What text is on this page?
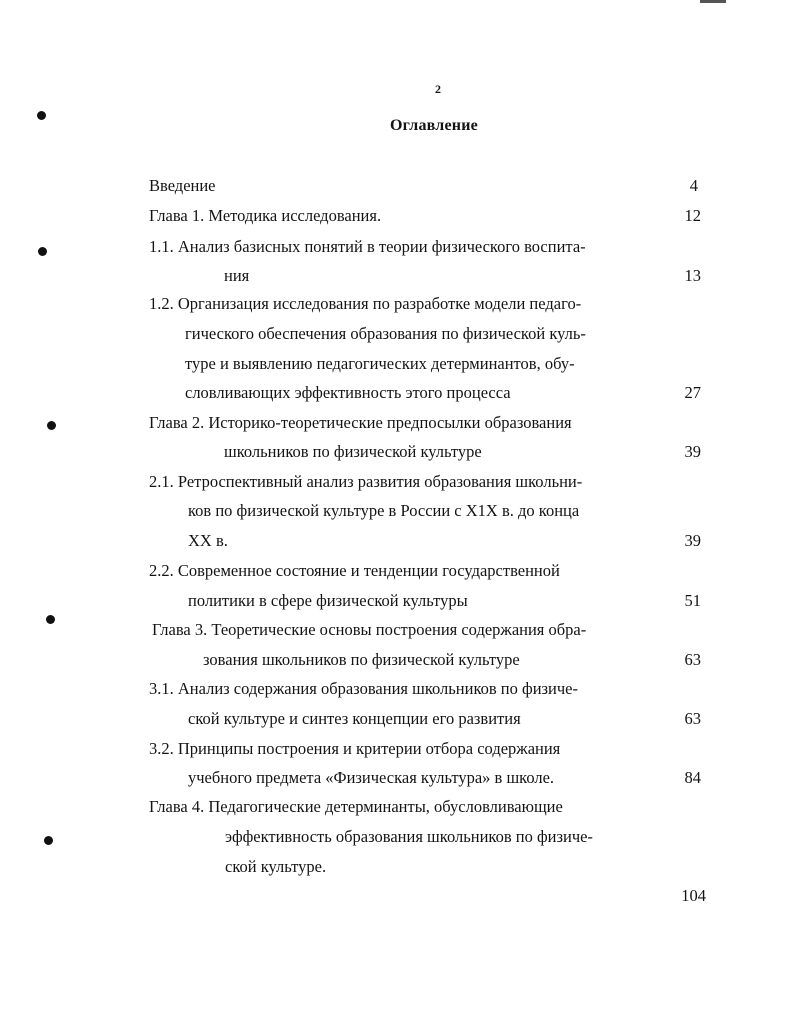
2
Оглавление
Введение	4
Глава 1. Методика исследования.	12
1.1. Анализ базисных понятий в теории физического воспита-
ния	13
1.2. Организация исследования по разработке модели педаго-
гического обеспечения образования по физической куль-
туре и выявлению педагогических детерминантов, обу-
словливающих эффективность этого процесса	27
Глава 2. Историко-теоретические предпосылки образования
школьников по физической культуре	39
2.1. Ретроспективный анализ развития образования школьни-
ков по физической культуре в России с Х1Х в. до конца
ХХ в.	39
2.2. Современное состояние и тенденции государственной
политики в сфере физической культуры	51
Глава 3. Теоретические основы построения содержания обра-
зования школьников по физической культуре	63
3.1. Анализ содержания образования школьников по физиче-
ской культуре и синтез концепции его развития	63
3.2. Принципы построения и критерии отбора содержания
учебного предмета «Физическая культура» в школе.	84
Глава 4. Педагогические детерминанты, обусловливающие
эффективность образования школьников по физиче-
ской культуре.
104
